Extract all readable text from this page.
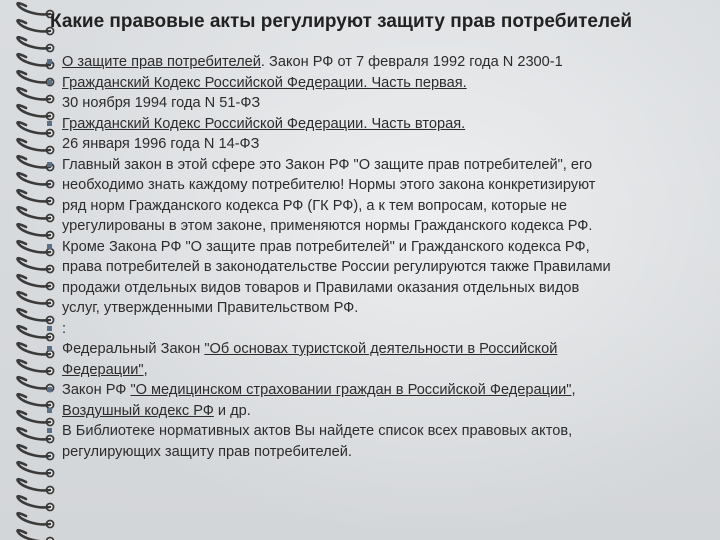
Какие правовые акты регулируют защиту прав потребителей
О защите прав потребителей. Закон РФ от 7 февраля 1992 года N 2300-1
Гражданский Кодекс Российской Федерации. Часть первая.
30 ноября 1994 года N 51-ФЗ
Гражданский Кодекс Российской Федерации. Часть вторая.
26 января 1996 года N 14-ФЗ
Главный закон в этой сфере это Закон РФ "О защите прав потребителей", его
необходимо знать каждому потребителю! Нормы этого закона конкретизируют
ряд норм Гражданского кодекса РФ (ГК РФ), а к тем вопросам, которые не
урегулированы в этом законе, применяются нормы Гражданского кодекса РФ.
Кроме Закона РФ "О защите прав потребителей" и Гражданского кодекса РФ,
права потребителей в законодательстве России регулируются также Правилами
продажи отдельных видов товаров и Правилами оказания отдельных видов
услуг, утвержденными Правительством РФ.
:
Федеральный Закон "Об основах туристской деятельности в Российской
Федерации",
Закон РФ "О медицинском страховании граждан в Российской Федерации",
Воздушный кодекс РФ и др.
В Библиотеке нормативных актов Вы найдете список всех правовых актов,
регулирующих защиту прав потребителей.
